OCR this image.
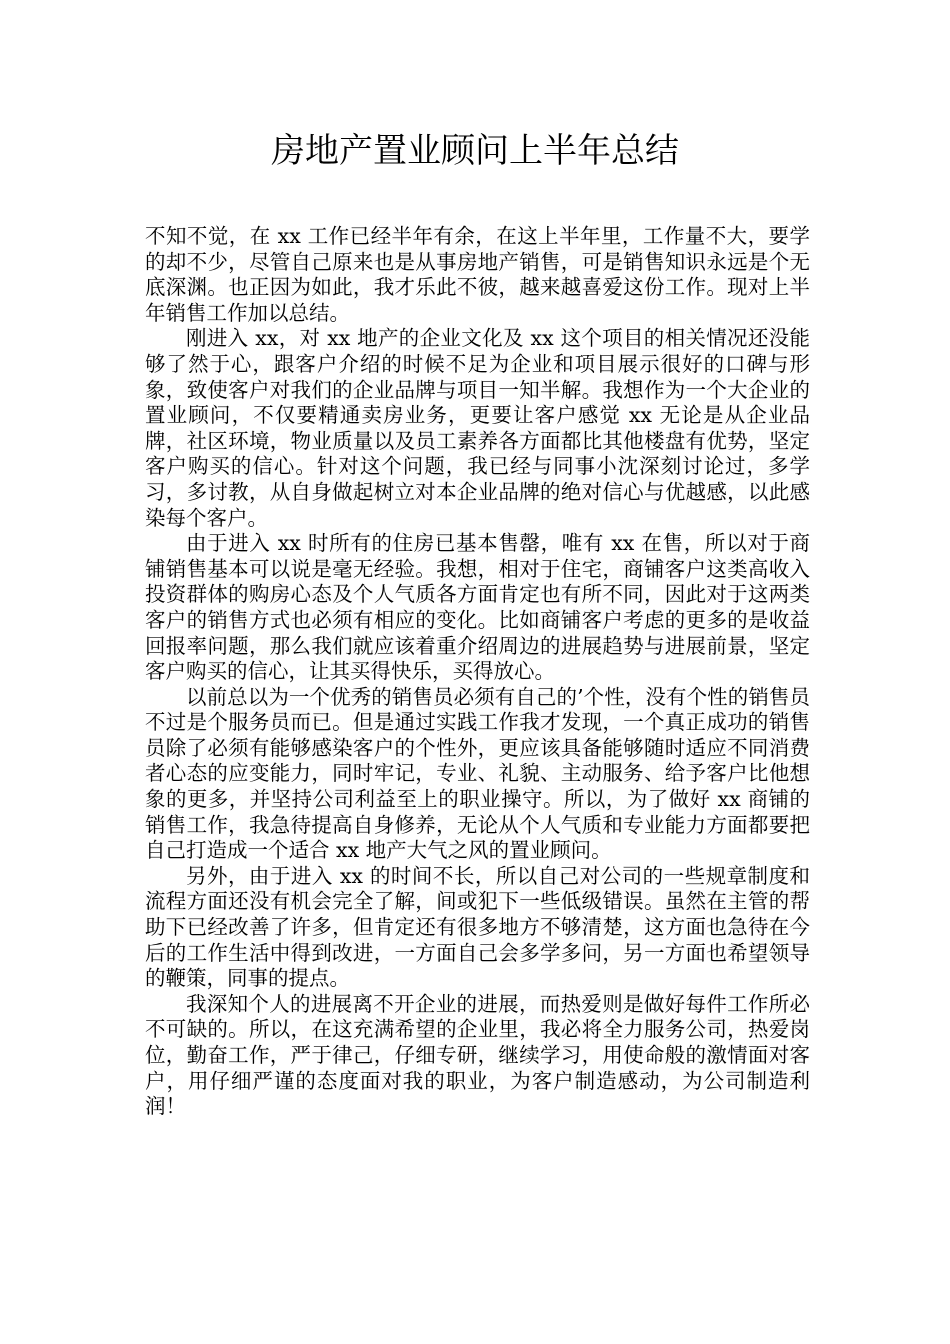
房地产置业顾问上半年总结

不知不觉，在 xx 工作已经半年有余，在这上半年里，工作量不大，要学的却不少，尽管自己原来也是从事房地产销售，可是销售知识永远是个无底深渊。也正因为如此，我才乐此不彼，越来越喜爱这份工作。现对上半年销售工作加以总结。

刚进入 xx，对 xx 地产的企业文化及 xx 这个项目的相关情况还没能够了然于心，跟客户介绍的时候不足为企业和项目展示很好的口碑与形象，致使客户对我们的企业品牌与项目一知半解。我想作为一个大企业的置业顾问，不仅要精通卖房业务，更要让客户感觉 xx 无论是从企业品牌，社区环境，物业质量以及员工素养各方面都比其他楼盘有优势，坚定客户购买的信心。针对这个问题，我已经与同事小沈深刻讨论过，多学习，多讨教，从自身做起树立对本企业品牌的绝对信心与优越感，以此感染每个客户。

由于进入 xx 时所有的住房已基本售罄，唯有 xx 在售，所以对于商铺销售基本可以说是毫无经验。我想，相对于住宅，商铺客户这类高收入投资群体的购房心态及个人气质各方面肯定也有所不同，因此对于这两类客户的销售方式也必须有相应的变化。比如商铺客户考虑的更多的是收益回报率问题，那么我们就应该着重介绍周边的进展趋势与进展前景，坚定客户购买的信心，让其买得快乐，买得放心。

以前总以为一个优秀的销售员必须有自己的’个性，没有个性的销售员不过是个服务员而已。但是通过实践工作我才发现，一个真正成功的销售员除了必须有能够感染客户的个性外，更应该具备能够随时适应不同消费者心态的应变能力，同时牢记，专业、礼貌、主动服务、给予客户比他想象的更多，并坚持公司利益至上的职业操守。所以，为了做好 xx 商铺的销售工作，我急待提高自身修养，无论从个人气质和专业能力方面都要把自己打造成一个适合 xx 地产大气之风的置业顾问。

另外，由于进入 xx 的时间不长，所以自己对公司的一些规章制度和流程方面还没有机会完全了解，间或犯下一些低级错误。虽然在主管的帮助下已经改善了许多，但肯定还有很多地方不够清楚，这方面也急待在今后的工作生活中得到改进，一方面自己会多学多问，另一方面也希望领导的鞭策，同事的提点。

我深知个人的进展离不开企业的进展，而热爱则是做好每件工作所必不可缺的。所以，在这充满希望的企业里，我必将全力服务公司，热爱岗位，勤奋工作，严于律己，仔细专研，继续学习，用使命般的激情面对客户，用仔细严谨的态度面对我的职业，为客户制造感动，为公司制造利润！
